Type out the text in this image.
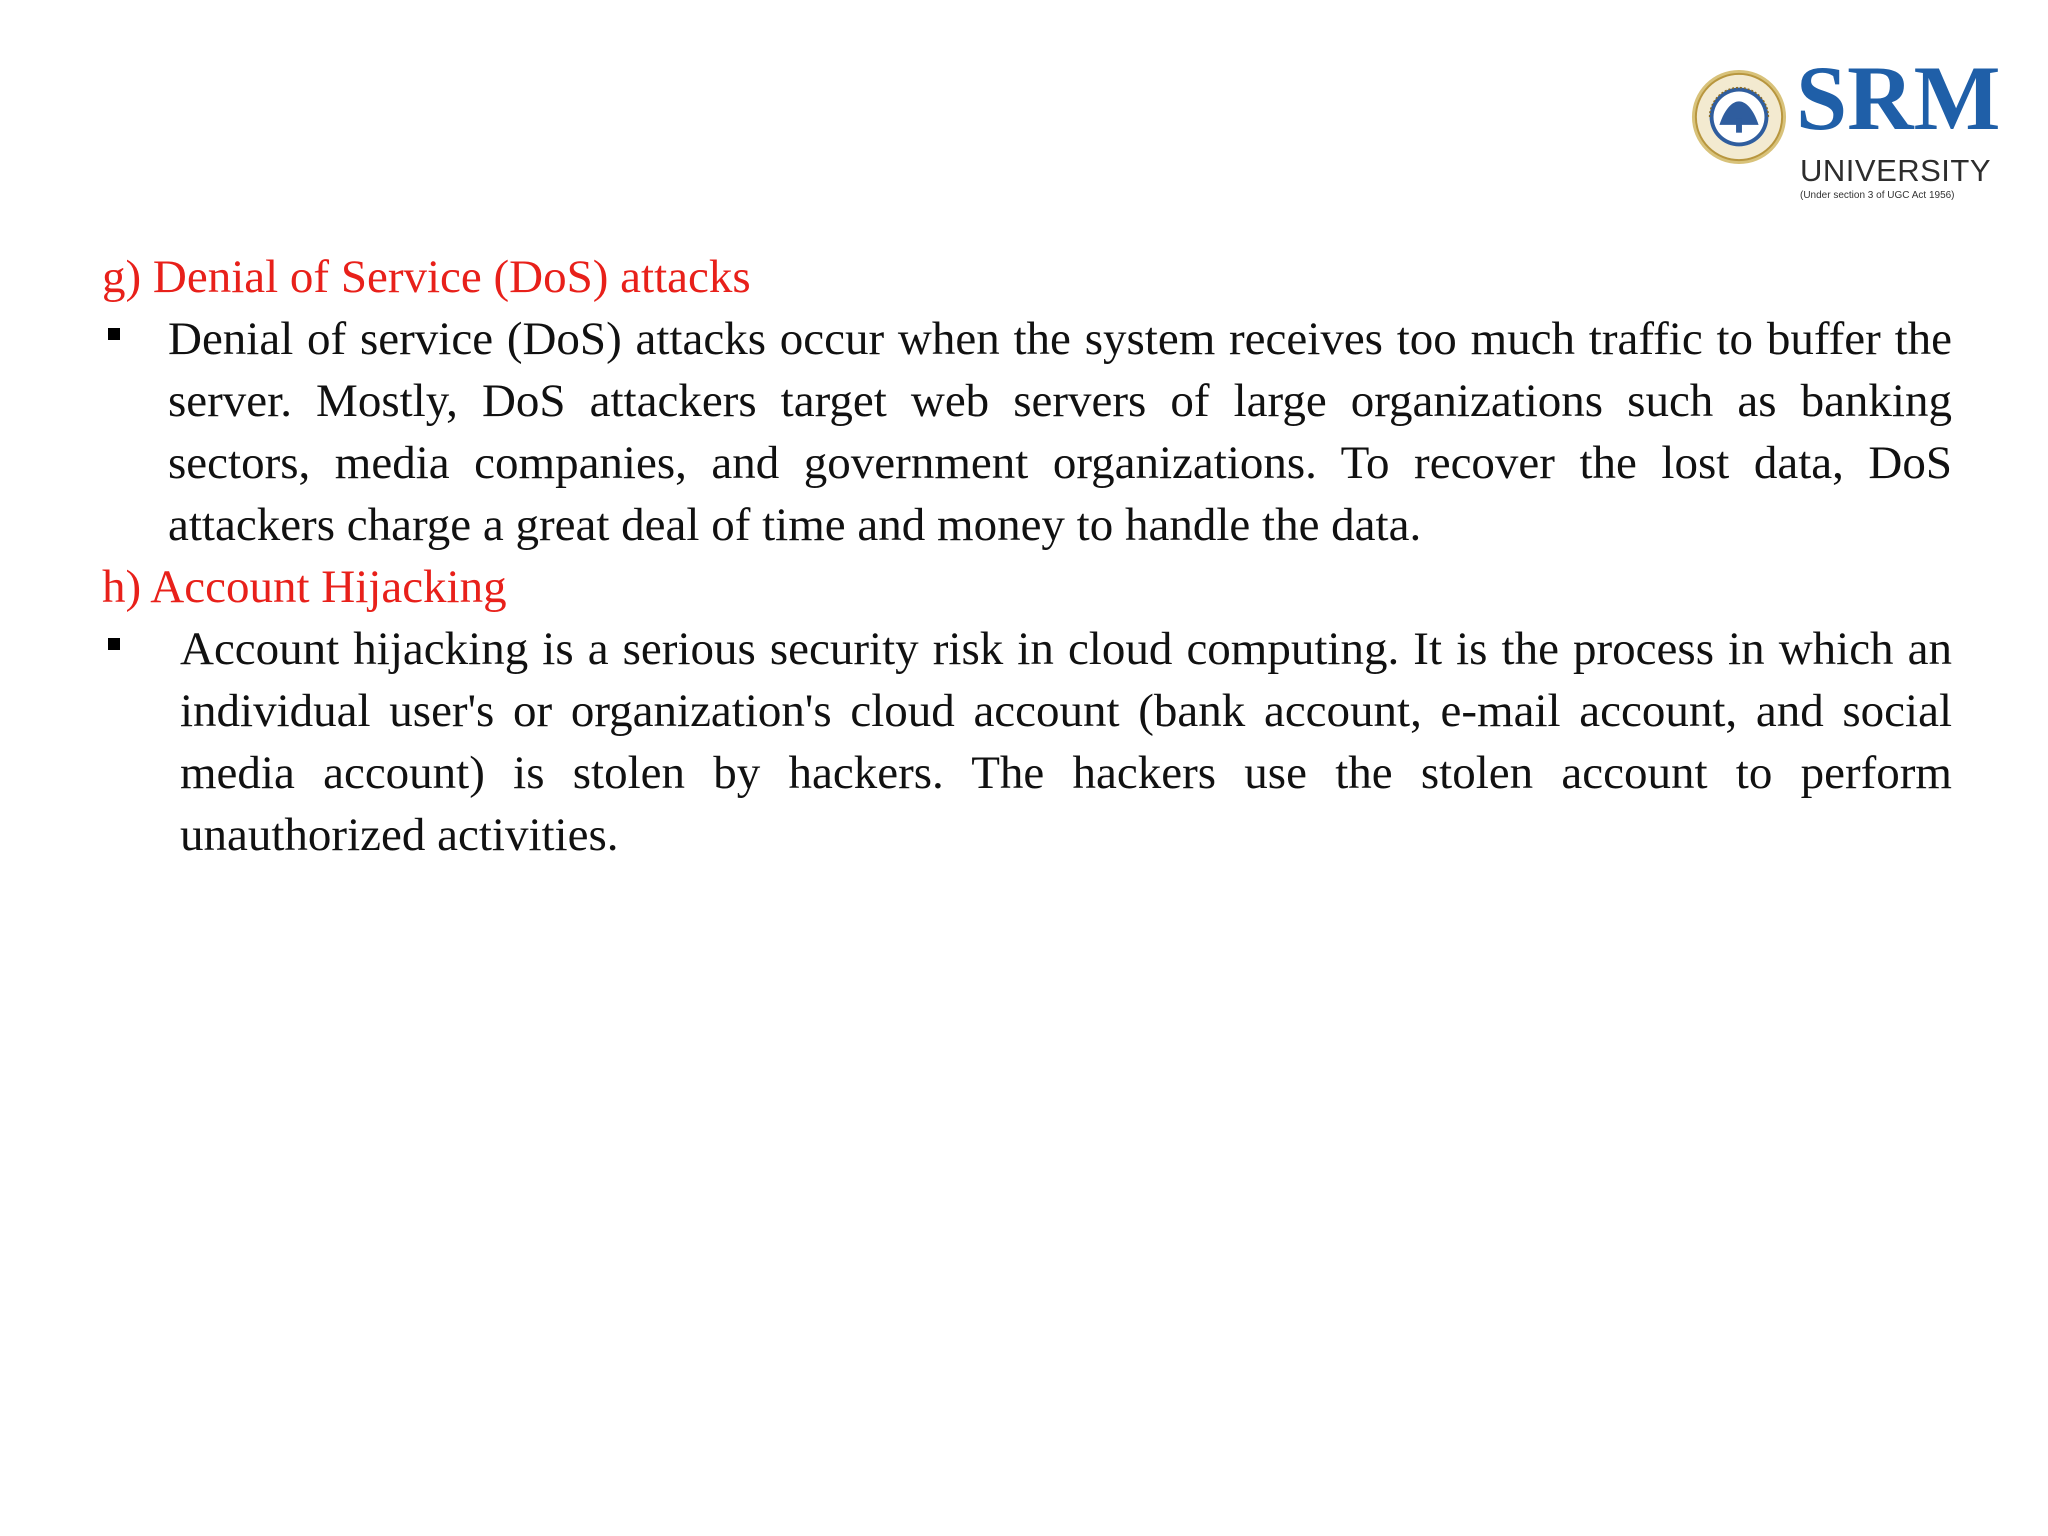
SRM
UNIVERSITY
(Under section 3 of UGC Act 1956)
g) Denial of Service (DoS) attacks

Denial of service (DoS) attacks occur when the system receives too much traffic to buffer the server. Mostly, DoS attackers target web servers of large organizations such as banking sectors, media companies, and government organizations. To recover the lost data, DoS attackers charge a great deal of time and money to handle the data.

h) Account Hijacking

Account hijacking is a serious security risk in cloud computing. It is the process in which an individual user's or organization's cloud account (bank account, e-mail account, and social media account) is stolen by hackers. The hackers use the stolen account to perform unauthorized activities.
